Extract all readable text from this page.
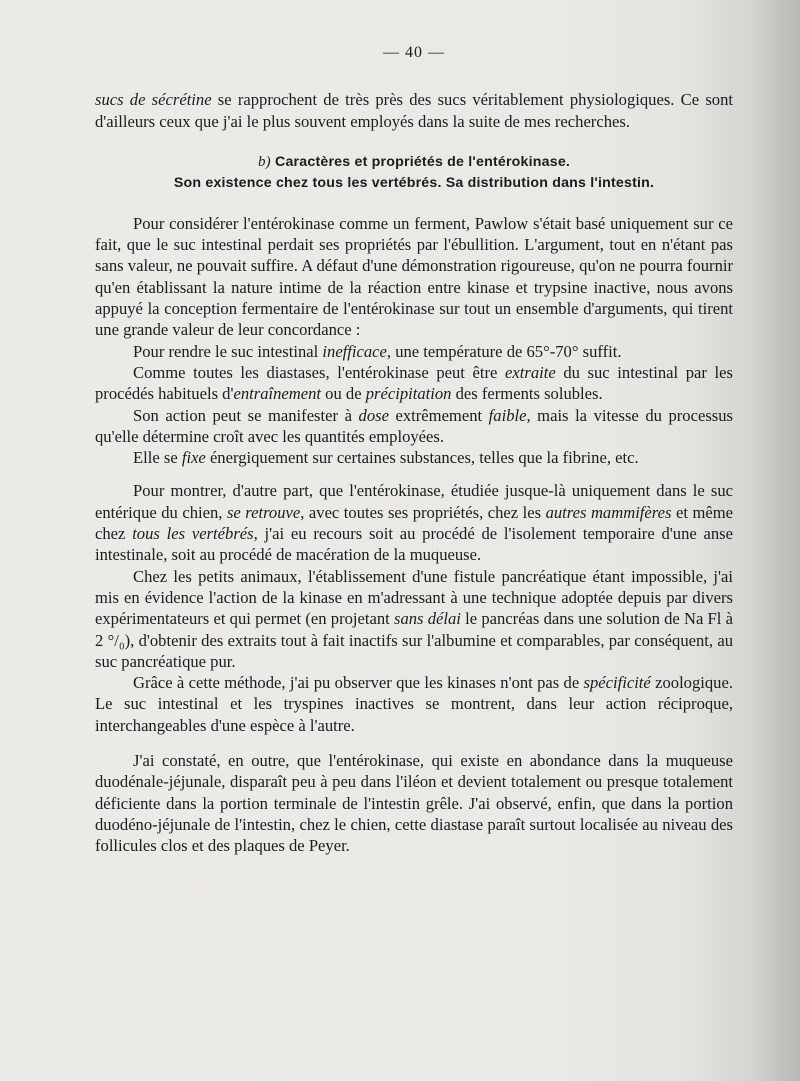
— 40 —

sucs de sécrétine se rapprochent de très près des sucs véritablement physiologiques. Ce sont d'ailleurs ceux que j'ai le plus souvent employés dans la suite de mes recherches.

b) Caractères et propriétés de l'entérokinase.
Son existence chez tous les vertébrés. Sa distribution dans l'intestin.

Pour considérer l'entérokinase comme un ferment, Pawlow s'était basé uniquement sur ce fait, que le suc intestinal perdait ses propriétés par l'ébullition. L'argument, tout en n'étant pas sans valeur, ne pouvait suffire. A défaut d'une démonstration rigoureuse, qu'on ne pourra fournir qu'en établissant la nature intime de la réaction entre kinase et trypsine inactive, nous avons appuyé la conception fermentaire de l'entérokinase sur tout un ensemble d'arguments, qui tirent une grande valeur de leur concordance :

Pour rendre le suc intestinal inefficace, une température de 65°-70° suffit.

Comme toutes les diastases, l'entérokinase peut être extraite du suc intestinal par les procédés habituels d'entraînement ou de précipitation des ferments solubles.

Son action peut se manifester à dose extrêmement faible, mais la vitesse du processus qu'elle détermine croît avec les quantités employées.

Elle se fixe énergiquement sur certaines substances, telles que la fibrine, etc.

Pour montrer, d'autre part, que l'entérokinase, étudiée jusque-là uniquement dans le suc entérique du chien, se retrouve, avec toutes ses propriétés, chez les autres mammifères et même chez tous les vertébrés, j'ai eu recours soit au procédé de l'isolement temporaire d'une anse intestinale, soit au procédé de macération de la muqueuse.

Chez les petits animaux, l'établissement d'une fistule pancréatique étant impossible, j'ai mis en évidence l'action de la kinase en m'adressant à une technique adoptée depuis par divers expérimentateurs et qui permet (en projetant sans délai le pancréas dans une solution de Na Fl à 2 °/₀), d'obtenir des extraits tout à fait inactifs sur l'albumine et comparables, par conséquent, au suc pancréatique pur.

Grâce à cette méthode, j'ai pu observer que les kinases n'ont pas de spécificité zoologique. Le suc intestinal et les tryspines inactives se montrent, dans leur action réciproque, interchangeables d'une espèce à l'autre.

J'ai constaté, en outre, que l'entérokinase, qui existe en abondance dans la muqueuse duodénale-jéjunale, disparaît peu à peu dans l'iléon et devient totalement ou presque totalement déficiente dans la portion terminale de l'intestin grêle. J'ai observé, enfin, que dans la portion duodéno-jéjunale de l'intestin, chez le chien, cette diastase paraît surtout localisée au niveau des follicules clos et des plaques de Peyer.
